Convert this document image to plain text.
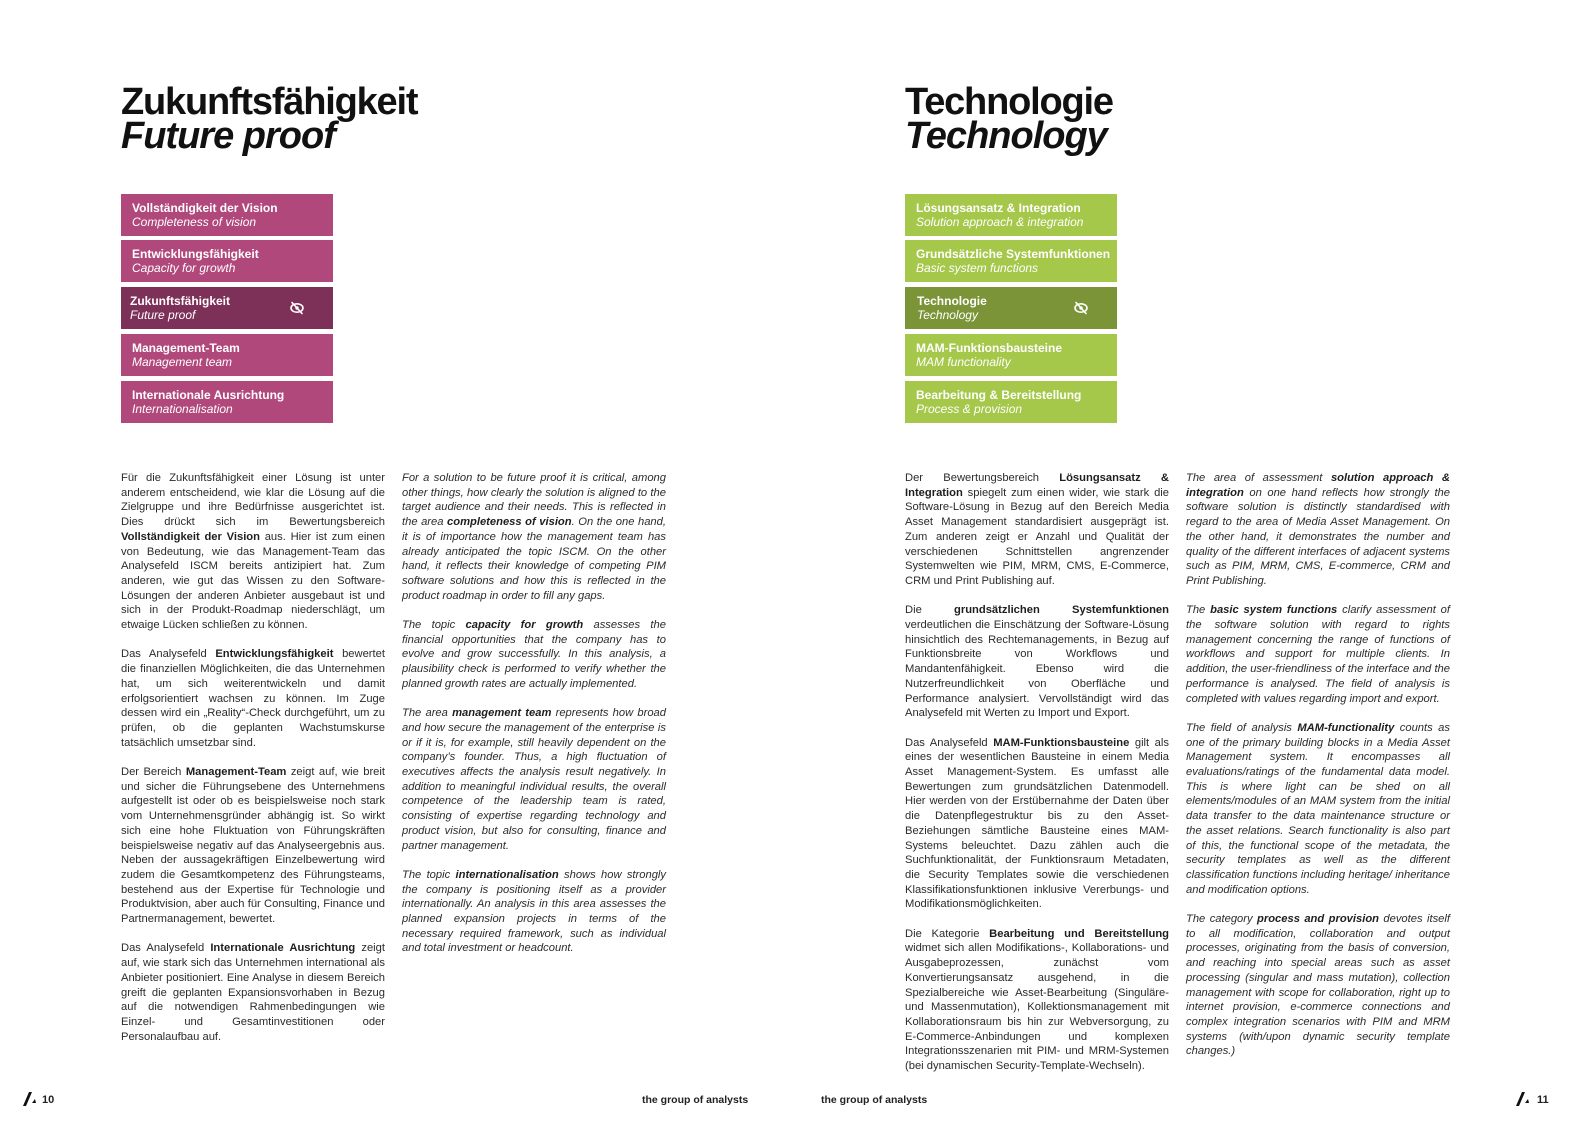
Zukunftsfähigkeit
Future proof
Vollständigkeit der Vision
Completeness of vision
Entwicklungsfähigkeit
Capacity for growth
Zukunftsfähigkeit
Future proof
Management-Team
Management team
Internationale Ausrichtung
Internationalisation

Für die Zukunftsfähigkeit einer Lösung ist unter anderem entscheidend, wie klar die Lösung auf die Zielgruppe und ihre Bedürfnisse ausgerichtet ist. Dies drückt sich im Bewertungsbereich Vollständigkeit der Vision aus. Hier ist zum einen von Bedeutung, wie das Management-Team das Analysefeld ISCM bereits antizipiert hat. Zum anderen, wie gut das Wissen zu den Software-Lösungen der anderen Anbieter ausgebaut ist und sich in der Produkt-Roadmap niederschlägt, um etwaige Lücken schließen zu können.

Das Analysefeld Entwicklungsfähigkeit bewertet die finanziellen Möglichkeiten, die das Unternehmen hat, um sich weiterentwickeln und damit erfolgsorientiert wachsen zu können. Im Zuge dessen wird ein „Reality“-Check durchgeführt, um zu prüfen, ob die geplanten Wachstumskurse tatsächlich umsetzbar sind.

Der Bereich Management-Team zeigt auf, wie breit und sicher die Führungsebene des Unternehmens aufgestellt ist oder ob es beispielsweise noch stark vom Unternehmensgründer abhängig ist. So wirkt sich eine hohe Fluktuation von Führungskräften beispielsweise negativ auf das Analyseergebnis aus. Neben der aussagekräftigen Einzelbewertung wird zudem die Gesamtkompetenz des Führungsteams, bestehend aus der Expertise für Technologie und Produktvision, aber auch für Consulting, Finance und Partnermanagement, bewertet.

Das Analysefeld Internationale Ausrichtung zeigt auf, wie stark sich das Unternehmen international als Anbieter positioniert. Eine Analyse in diesem Bereich greift die geplanten Expansionsvorhaben in Bezug auf die notwendigen Rahmenbedingungen wie Einzel- und Gesamtinvestitionen oder Personalaufbau auf.

For a solution to be future proof it is critical, among other things, how clearly the solution is aligned to the target audience and their needs. This is reflected in the area completeness of vision. On the one hand, it is of importance how the management team has already anticipated the topic ISCM. On the other hand, it reflects their knowledge of competing PIM software solutions and how this is reflected in the product roadmap in order to fill any gaps.

The topic capacity for growth assesses the financial opportunities that the company has to evolve and grow successfully. In this analysis, a plausibility check is performed to verify whether the planned growth rates are actually implemented.

The area management team represents how broad and how secure the management of the enterprise is or if it is, for example, still heavily dependent on the company’s founder. Thus, a high fluctuation of executives affects the analysis result negatively. In addition to meaningful individual results, the overall competence of the leadership team is rated, consisting of expertise regarding technology and product vision, but also for consulting, finance and partner management.

The topic internationalisation shows how strongly the company is positioning itself as a provider internationally. An analysis in this area assesses the planned expansion projects in terms of the necessary required framework, such as individual and total investment or headcount.

Technologie
Technology
Lösungsansatz & Integration
Solution approach & integration
Grundsätzliche Systemfunktionen
Basic system functions
Technologie
Technology
MAM-Funktionsbausteine
MAM functionality
Bearbeitung & Bereitstellung
Process & provision

Der Bewertungsbereich Lösungsansatz & Integration spiegelt zum einen wider, wie stark die Software-Lösung in Bezug auf den Bereich Media Asset Management standardisiert ausgeprägt ist. Zum anderen zeigt er Anzahl und Qualität der verschiedenen Schnittstellen angrenzender Systemwelten wie PIM, MRM, CMS, E-Commerce, CRM und Print Publishing auf.

Die grundsätzlichen Systemfunktionen verdeutlichen die Einschätzung der Software-Lösung hinsichtlich des Rechtemanagements, in Bezug auf Funktionsbreite von Workflows und Mandantenfähigkeit. Ebenso wird die Nutzerfreundlichkeit von Oberfläche und Performance analysiert. Vervollständigt wird das Analysefeld mit Werten zu Import und Export.

Das Analysefeld MAM-Funktionsbausteine gilt als eines der wesentlichen Bausteine in einem Media Asset Management-System. Es umfasst alle Bewertungen zum grundsätzlichen Datenmodell. Hier werden von der Erstübernahme der Daten über die Datenpflegestruktur bis zu den Asset-Beziehungen sämtliche Bausteine eines MAM-Systems beleuchtet. Dazu zählen auch die Suchfunktionalität, der Funktionsraum Metadaten, die Security Templates sowie die verschiedenen Klassifikationsfunktionen inklusive Vererbungs- und Modifikationsmöglichkeiten.

Die Kategorie Bearbeitung und Bereitstellung widmet sich allen Modifikations-, Kollaborations- und Ausgabeprozessen, zunächst vom Konvertierungsansatz ausgehend, in die Spezialbereiche wie Asset-Bearbeitung (Singuläre- und Massenmutation), Kollektionsmanagement mit Kollaborationsraum bis hin zur Webversorgung, zu E-Commerce-Anbindungen und komplexen Integrationsszenarien mit PIM- und MRM-Systemen (bei dynamischen Security-Template-Wechseln).

The area of assessment solution approach & integration on one hand reflects how strongly the software solution is distinctly standardised with regard to the area of Media Asset Management. On the other hand, it demonstrates the number and quality of the different interfaces of adjacent systems such as PIM, MRM, CMS, E-commerce, CRM and Print Publishing.

The basic system functions clarify assessment of the software solution with regard to rights management concerning the range of functions of workflows and support for multiple clients. In addition, the user-friendliness of the interface and the performance is analysed. The field of analysis is completed with values regarding import and export.

The field of analysis MAM-functionality counts as one of the primary building blocks in a Media Asset Management system. It encompasses all evaluations/ratings of the fundamental data model. This is where light can be shed on all elements/modules of an MAM system from the initial data transfer to the data maintenance structure or the asset relations. Search functionality is also part of this, the functional scope of the metadata, the security templates as well as the different classification functions including heritage/ inheritance and modification options.

The category process and provision devotes itself to all modification, collaboration and output processes, originating from the basis of conversion, and reaching into special areas such as asset processing (singular and mass mutation), collection management with scope for collaboration, right up to internet provision, e-commerce connections and complex integration scenarios with PIM and MRM systems (with/upon dynamic security template changes.)

10	the group of analysts	the group of analysts	11
